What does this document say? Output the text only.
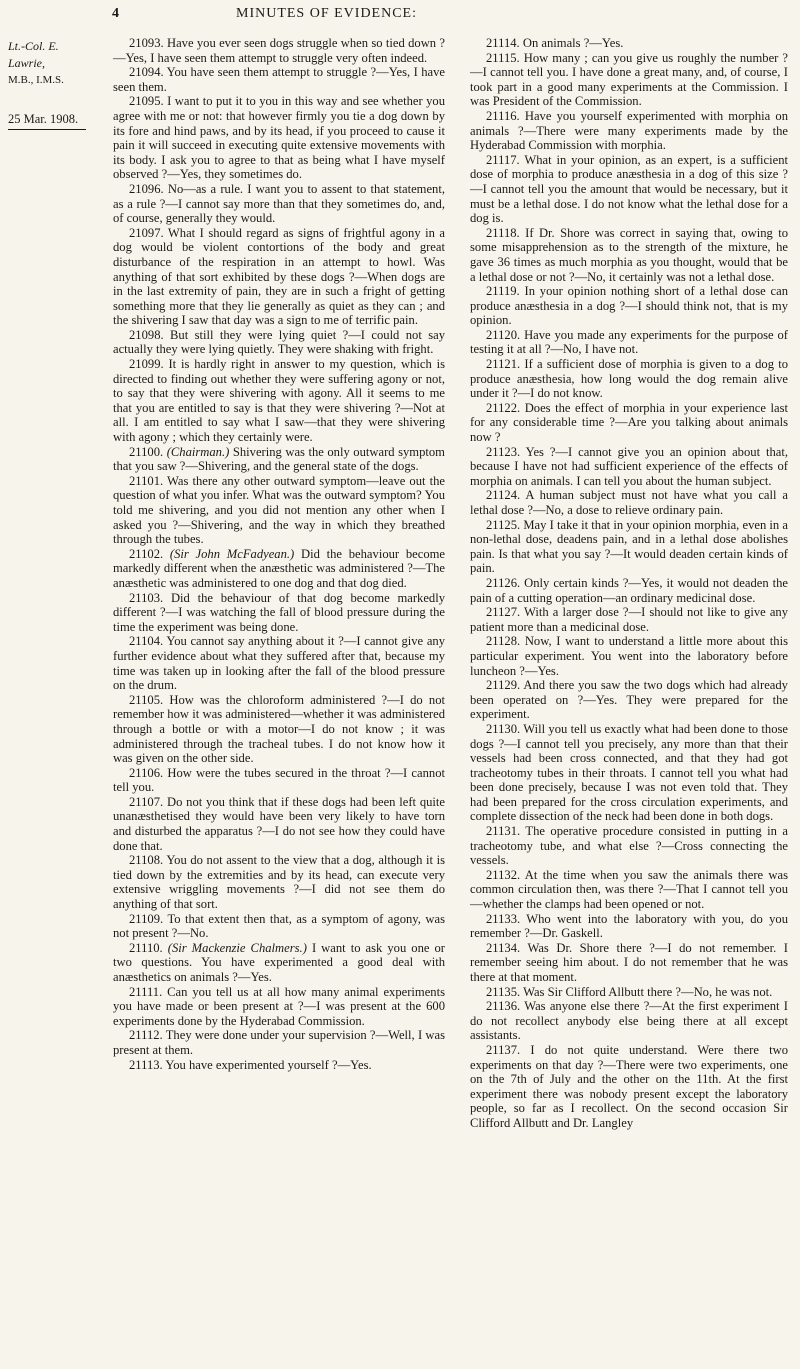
4	MINUTES OF EVIDENCE:
Lt.-Col. E. Lawrie,
M.B., I.M.S.
25 Mar. 1908.

21093. Have you ever seen dogs struggle when so tied down ?—Yes, I have seen them attempt to struggle very often indeed.

21094. You have seen them attempt to struggle ?—Yes, I have seen them.

21095. I want to put it to you in this way and see whether you agree with me or not: that however firmly you tie a dog down by its fore and hind paws, and by its head, if you proceed to cause it pain it will succeed in executing quite extensive movements with its body. I ask you to agree to that as being what I have myself observed ?—Yes, they sometimes do.

21096. No—as a rule. I want you to assent to that statement, as a rule ?—I cannot say more than that they sometimes do, and, of course, generally they would.

21097. What I should regard as signs of frightful agony in a dog would be violent contortions of the body and great disturbance of the respiration in an attempt to howl. Was anything of that sort exhibited by these dogs ?—When dogs are in the last extremity of pain, they are in such a fright of getting something more that they lie generally as quiet as they can ; and the shivering I saw that day was a sign to me of terrific pain.

21098. But still they were lying quiet ?—I could not say actually they were lying quietly. They were shaking with fright.

21099. It is hardly right in answer to my question, which is directed to finding out whether they were suffering agony or not, to say that they were shivering with agony. All it seems to me that you are entitled to say is that they were shivering ?—Not at all. I am entitled to say what I saw—that they were shivering with agony ; which they certainly were.

21100. (Chairman.) Shivering was the only outward symptom that you saw ?—Shivering, and the general state of the dogs.

21101. Was there any other outward symptom—leave out the question of what you infer. What was the outward symptom? You told me shivering, and you did not mention any other when I asked you ?—Shivering, and the way in which they breathed through the tubes.

21102. (Sir John McFadyean.) Did the behaviour become markedly different when the anæsthetic was administered ?—The anæsthetic was administered to one dog and that dog died.

21103. Did the behaviour of that dog become markedly different ?—I was watching the fall of blood pressure during the time the experiment was being done.

21104. You cannot say anything about it ?—I cannot give any further evidence about what they suffered after that, because my time was taken up in looking after the fall of the blood pressure on the drum.

21105. How was the chloroform administered ?—I do not remember how it was administered—whether it was administered through a bottle or with a motor—I do not know ; it was administered through the tracheal tubes. I do not know how it was given on the other side.

21106. How were the tubes secured in the throat ?—I cannot tell you.

21107. Do not you think that if these dogs had been left quite unanæsthetised they would have been very likely to have torn and disturbed the apparatus ?—I do not see how they could have done that.

21108. You do not assent to the view that a dog, although it is tied down by the extremities and by its head, can execute very extensive wriggling movements ?—I did not see them do anything of that sort.

21109. To that extent then that, as a symptom of agony, was not present ?—No.

21110. (Sir Mackenzie Chalmers.) I want to ask you one or two questions. You have experimented a good deal with anæsthetics on animals ?—Yes.

21111. Can you tell us at all how many animal experiments you have made or been present at ?—I was present at the 600 experiments done by the Hyderabad Commission.

21112. They were done under your supervision ?—Well, I was present at them.

21113. You have experimented yourself ?—Yes.

21114. On animals ?—Yes.

21115. How many ; can you give us roughly the number ?—I cannot tell you. I have done a great many, and, of course, I took part in a good many experiments at the Commission. I was President of the Commission.

21116. Have you yourself experimented with morphia on animals ?—There were many experiments made by the Hyderabad Commission with morphia.

21117. What in your opinion, as an expert, is a sufficient dose of morphia to produce anæsthesia in a dog of this size ?—I cannot tell you the amount that would be necessary, but it must be a lethal dose. I do not know what the lethal dose for a dog is.

21118. If Dr. Shore was correct in saying that, owing to some misapprehension as to the strength of the mixture, he gave 36 times as much morphia as you thought, would that be a lethal dose or not ?—No, it certainly was not a lethal dose.

21119. In your opinion nothing short of a lethal dose can produce anæsthesia in a dog ?—I should think not, that is my opinion.

21120. Have you made any experiments for the purpose of testing it at all ?—No, I have not.

21121. If a sufficient dose of morphia is given to a dog to produce anæsthesia, how long would the dog remain alive under it ?—I do not know.

21122. Does the effect of morphia in your experience last for any considerable time ?—Are you talking about animals now ?

21123. Yes ?—I cannot give you an opinion about that, because I have not had sufficient experience of the effects of morphia on animals. I can tell you about the human subject.

21124. A human subject must not have what you call a lethal dose ?—No, a dose to relieve ordinary pain.

21125. May I take it that in your opinion morphia, even in a non-lethal dose, deadens pain, and in a lethal dose abolishes pain. Is that what you say ?—It would deaden certain kinds of pain.

21126. Only certain kinds ?—Yes, it would not deaden the pain of a cutting operation—an ordinary medicinal dose.

21127. With a larger dose ?—I should not like to give any patient more than a medicinal dose.

21128. Now, I want to understand a little more about this particular experiment. You went into the laboratory before luncheon ?—Yes.

21129. And there you saw the two dogs which had already been operated on ?—Yes. They were prepared for the experiment.

21130. Will you tell us exactly what had been done to those dogs ?—I cannot tell you precisely, any more than that their vessels had been cross connected, and that they had got tracheotomy tubes in their throats. I cannot tell you what had been done precisely, because I was not even told that. They had been prepared for the cross circulation experiments, and complete dissection of the neck had been done in both dogs.

21131. The operative procedure consisted in putting in a tracheotomy tube, and what else ?—Cross connecting the vessels.

21132. At the time when you saw the animals there was common circulation then, was there ?—That I cannot tell you—whether the clamps had been opened or not.

21133. Who went into the laboratory with you, do you remember ?—Dr. Gaskell.

21134. Was Dr. Shore there ?—I do not remember. I remember seeing him about. I do not remember that he was there at that moment.

21135. Was Sir Clifford Allbutt there ?—No, he was not.

21136. Was anyone else there ?—At the first experiment I do not recollect anybody else being there at all except assistants.

21137. I do not quite understand. Were there two experiments on that day ?—There were two experiments, one on the 7th of July and the other on the 11th. At the first experiment there was nobody present except the laboratory people, so far as I recollect. On the second occasion Sir Clifford Allbutt and Dr. Langley
